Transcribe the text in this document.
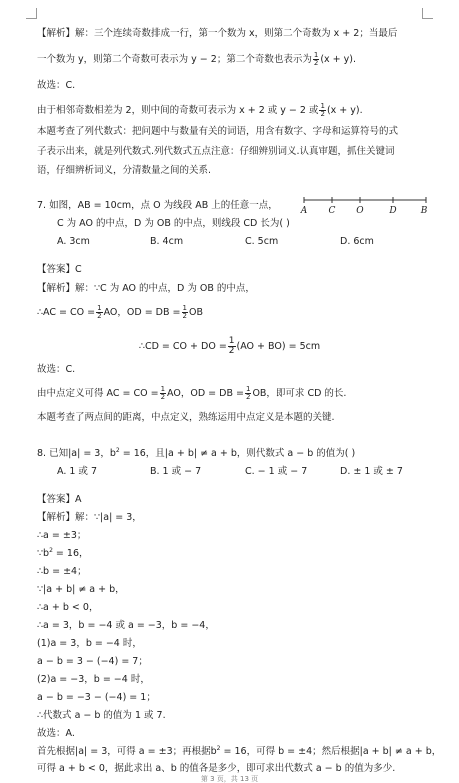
【解析】解：三个连续奇数排成一行，第一个数为 x，则第二个奇数为 x + 2；当最后
一个数为 y，则第二个奇数可表示为 y − 2；第二个奇数也表示为 $\frac{1}{2} (x + y)$.
故选：C.
由于相邻奇数相差为 2，则中间的奇数可表示为 x + 2 或 y − 2 或 $\frac{1}{2} (x + y)$.
本题考查了列代数式：把问题中与数量有关的词语，用含有数字、字母和运算符号的式
子表示出来，就是列代数式.列代数式五点注意：仔细辨别词义.认真审题，抓住关键词
语，仔细辨析词义，分清数量之间的关系.
7. 如图，AB = 10cm，点 O 为线段 AB 上的任意一点，
C 为 AO 的中点，D 为 OB 的中点，则线段 CD 长为( )
A C O	D	B
A. 3cm	B. 4cm	C. 5cm	D. 6cm
【答案】C
【解析】解：∵C 为 AO 的中点，D 为 OB 的中点，
∴AC = CO = $\frac{1}{2}$ AO，OD = DB = $\frac{1}{2}$ OB
∴CD = CO + DO = $\frac{1}{2} (AO + BO) = 5cm$
故选：C.
由中点定义可得 AC = CO = $\frac{1}{2}$ AO，OD = DB = $\frac{1}{2}$ OB，即可求 CD 的长.
本题考查了两点间的距离，中点定义，熟练运用中点定义是本题的关键.
8. 已知|a| = 3，$b^2 = 16$，且|a + b| ≠ a + b，则代数式 a − b 的值为( )
A. 1 或 7	B. 1 或 − 7	C. − 1 或 − 7	D. ± 1 或 ± 7
【答案】A
【解析】解：∵|a| = 3，
∴a = ±3；
$\because b^2 = 16$，
∴b = ±4；
∵|a + b| ≠ a + b，
∴a + b < 0，
∴a = 3，b = −4 或 a = −3，b = −4，
(1)a = 3，b = −4 时，
a − b = 3 − (−4) = 7；
(2)a = −3，b = −4 时，
a − b = −3 − (−4) = 1；
∴代数式 a − b 的值为 1 或 7.
故选：A.
首先根据|a| = 3，可得 a = ±3；再根据$b^2 = 16$，可得 b = ±4；然后根据|a + b| ≠ a + b，
可得 a + b < 0，据此求出 a、b 的值各是多少，即可求出代数式 a − b 的值为多少.
第 3 页，共 13 页
